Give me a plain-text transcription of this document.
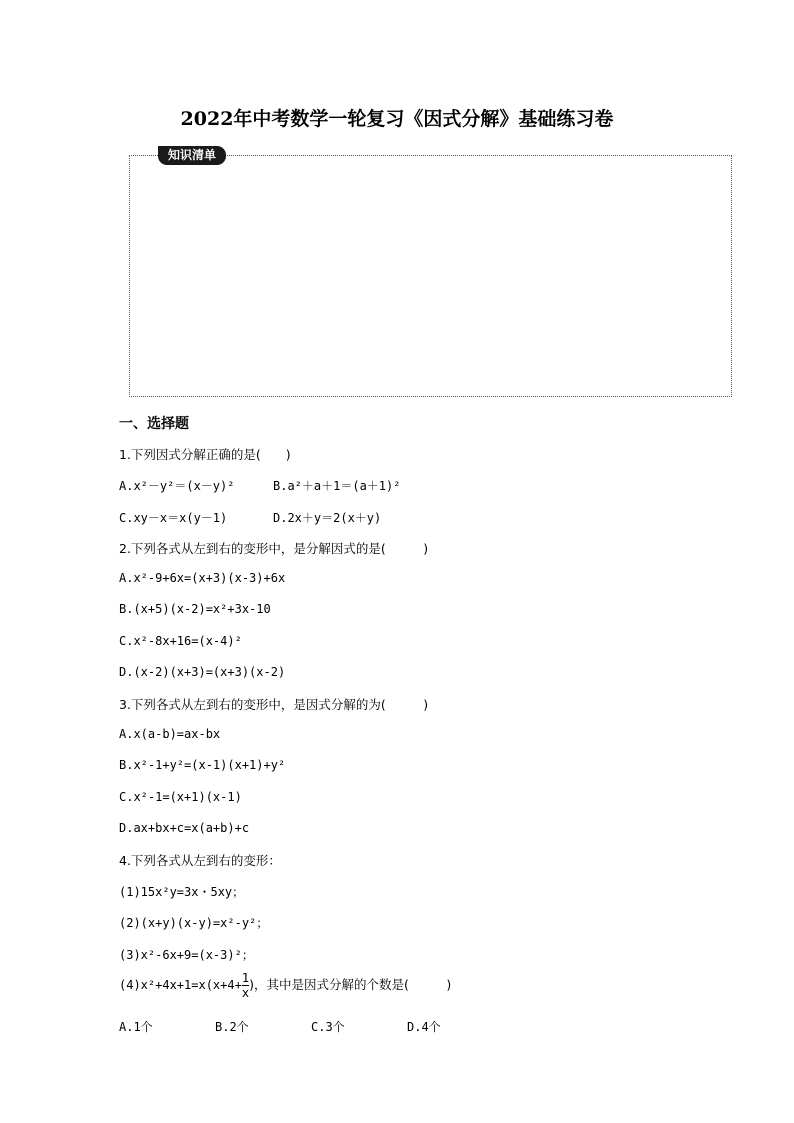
2022年中考数学一轮复习《因式分解》基础练习卷
知识清单
一、选择题
1.下列因式分解正确的是(　　)
A.x²－y²＝(x－y)²	B.a²＋a＋1＝(a＋1)²
C.xy－x＝x(y－1)	D.2x＋y＝2(x＋y)
2.下列各式从左到右的变形中，是分解因式的是(　　　)
A.x²-9+6x=(x+3)(x-3)+6x
B.(x+5)(x-2)=x²+3x-10
C.x²-8x+16=(x-4)²
D.(x-2)(x+3)=(x+3)(x-2)
3.下列各式从左到右的变形中，是因式分解的为(　　　)
A.x(a-b)=ax-bx
B.x²-1+y²=(x-1)(x+1)+y²
C.x²-1=(x+1)(x-1)
D.ax+bx+c=x(a+b)+c
4.下列各式从左到右的变形：
(1)15x²y=3x・5xy；
(2)(x+y)(x-y)=x²-y²；
(3)x²-6x+9=(x-3)²；
$(4)x^2+4x+1=x(x+4+ \frac{1}{x}$ )，其中是因式分解的个数是(　　　)
A.1个	B.2个	C.3个	D.4个
